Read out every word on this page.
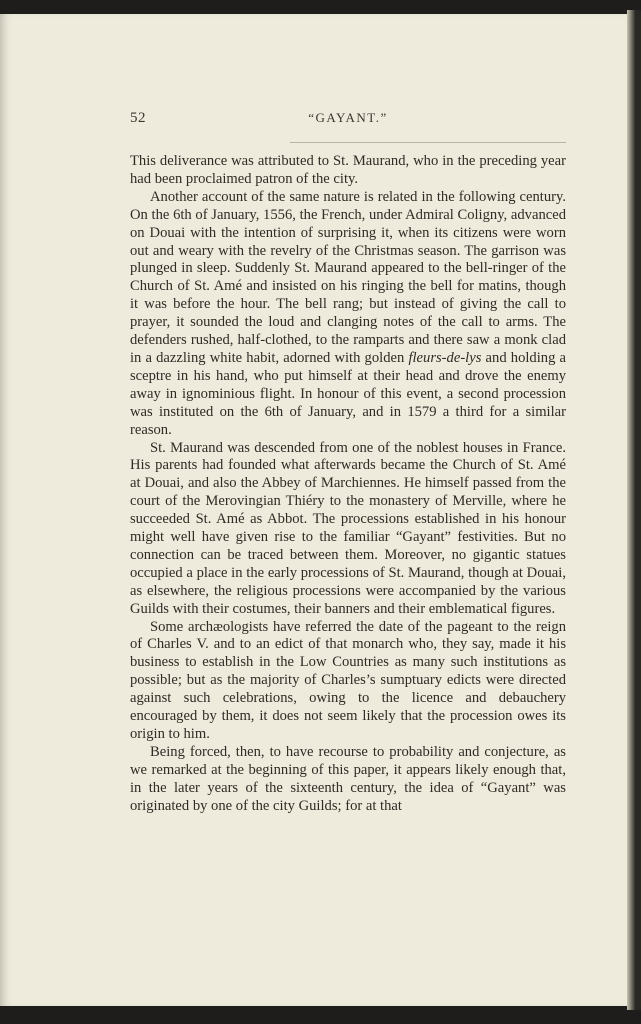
52	“GAYANT.”

This deliverance was attributed to St. Maurand, who in the preceding year had been proclaimed patron of the city.

Another account of the same nature is related in the following century. On the 6th of January, 1556, the French, under Admiral Coligny, advanced on Douai with the intention of surprising it, when its citizens were worn out and weary with the revelry of the Christmas season. The garrison was plunged in sleep. Suddenly St. Maurand appeared to the bell-ringer of the Church of St. Amé and insisted on his ringing the bell for matins, though it was before the hour. The bell rang; but instead of giving the call to prayer, it sounded the loud and clanging notes of the call to arms. The defenders rushed, half-clothed, to the ramparts and there saw a monk clad in a dazzling white habit, adorned with golden fleurs-de-lys and holding a sceptre in his hand, who put himself at their head and drove the enemy away in ignominious flight. In honour of this event, a second procession was instituted on the 6th of January, and in 1579 a third for a similar reason.

St. Maurand was descended from one of the noblest houses in France. His parents had founded what afterwards became the Church of St. Amé at Douai, and also the Abbey of Marchiennes. He himself passed from the court of the Merovingian Thiéry to the monastery of Merville, where he succeeded St. Amé as Abbot. The processions established in his honour might well have given rise to the familiar “Gayant” festivities. But no connection can be traced between them. Moreover, no gigantic statues occupied a place in the early processions of St. Maurand, though at Douai, as elsewhere, the religious processions were accompanied by the various Guilds with their costumes, their banners and their emblematical figures.

Some archæologists have referred the date of the pageant to the reign of Charles V. and to an edict of that monarch who, they say, made it his business to establish in the Low Countries as many such institutions as possible; but as the majority of Charles’s sumptuary edicts were directed against such celebrations, owing to the licence and debauchery encouraged by them, it does not seem likely that the procession owes its origin to him.

Being forced, then, to have recourse to probability and conjecture, as we remarked at the beginning of this paper, it appears likely enough that, in the later years of the sixteenth century, the idea of “Gayant” was originated by one of the city Guilds; for at that
